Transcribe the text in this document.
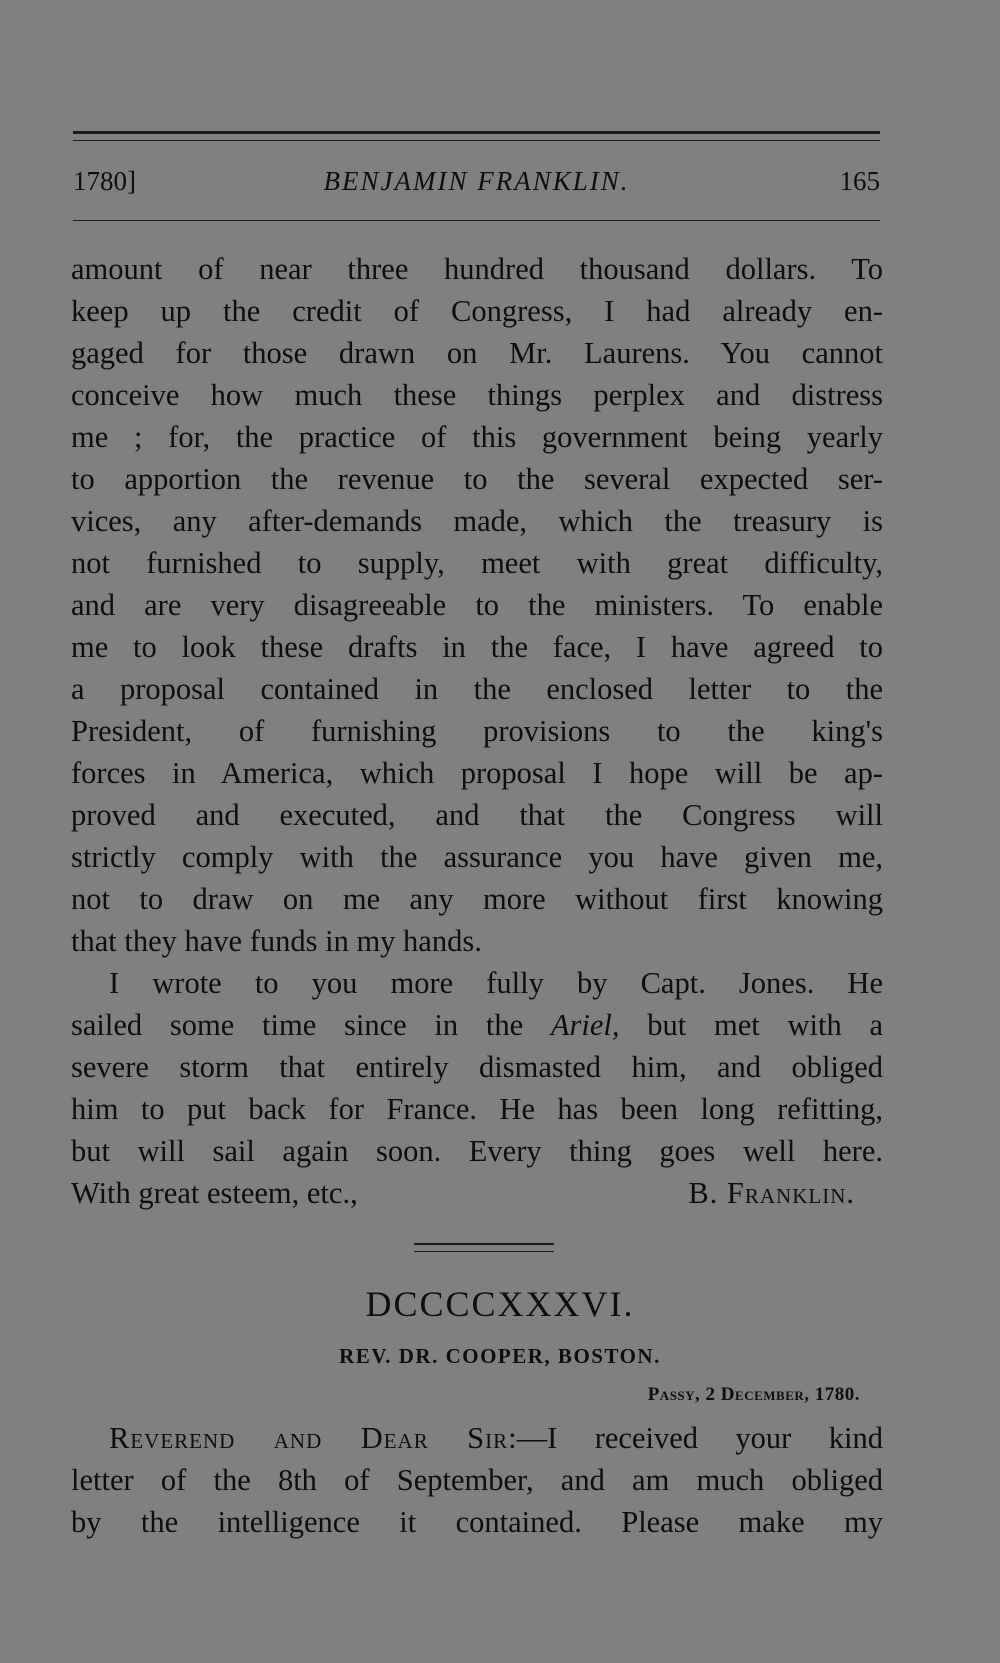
1780]	BENJAMIN FRANKLIN.	165
amount of near three hundred thousand dollars. To
keep up the credit of Congress, I had already en-
gaged for those drawn on Mr. Laurens. You cannot
conceive how much these things perplex and distress
me ; for, the practice of this government being yearly
to apportion the revenue to the several expected ser-
vices, any after-demands made, which the treasury is
not furnished to supply, meet with great difficulty,
and are very disagreeable to the ministers. To enable
me to look these drafts in the face, I have agreed to
a proposal contained in the enclosed letter to the
President, of furnishing provisions to the king's
forces in America, which proposal I hope will be ap-
proved and executed, and that the Congress will
strictly comply with the assurance you have given me,
not to draw on me any more without first knowing
that they have funds in my hands.
I wrote to you more fully by Capt. Jones. He
sailed some time since in the Ariel, but met with a
severe storm that entirely dismasted him, and obliged
him to put back for France. He has been long refitting,
but will sail again soon. Every thing goes well here.
With great esteem, etc.,	B. Franklin.
DCCCCXXXVI.
REV. DR. COOPER, BOSTON.
Passy, 2 December, 1780.
Reverend and Dear Sir:—I received your kind
letter of the 8th of September, and am much obliged
by the intelligence it contained. Please make my
